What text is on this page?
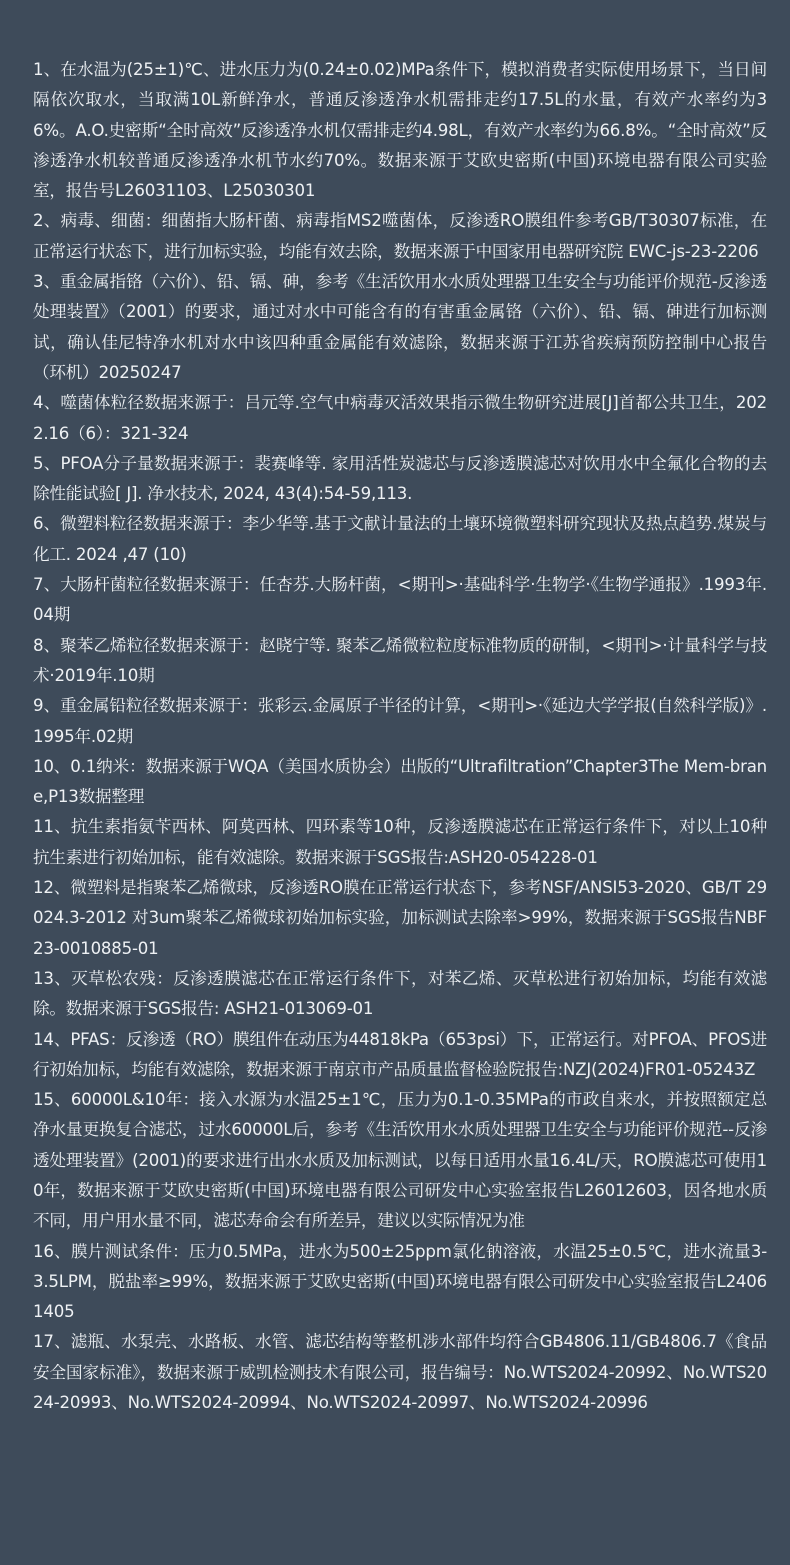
1、在水温为(25±1)℃、进水压力为(0.24±0.02)MPa条件下，模拟消费者实际使用场景下，当日间隔依次取水，当取满10L新鲜净水，普通反渗透净水机需排走约17.5L的水量，有效产水率约为36%。A.O.史密斯“全时高效”反渗透净水机仅需排走约4.98L，有效产水率约为66.8%。“全时高效”反渗透净水机较普通反渗透净水机节水约70%。数据来源于艾欧史密斯(中国)环境电器有限公司实验室，报告号L26031103、L25030301

2、病毒、细菌：细菌指大肠杆菌、病毒指MS2噬菌体，反渗透RO膜组件参考GB/T30307标准，在正常运行状态下，进行加标实验，均能有效去除，数据来源于中国家用电器研究院 EWC-js-23-2206

3、重金属指铬（六价）、铅、镉、砷，参考《生活饮用水水质处理器卫生安全与功能评价规范-反渗透处理装置》（2001）的要求，通过对水中可能含有的有害重金属铬（六价）、铅、镉、砷进行加标测试，确认佳尼特净水机对水中该四种重金属能有效滤除，数据来源于江苏省疾病预防控制中心报告（环机）20250247

4、噬菌体粒径数据来源于：吕元等.空气中病毒灭活效果指示微生物研究进展[J]首都公共卫生，2022.16（6）：321-324

5、PFOA分子量数据来源于：裴赛峰等. 家用活性炭滤芯与反渗透膜滤芯对饮用水中全氟化合物的去除性能试验[ J]. 净水技术, 2024, 43(4):54-59,113.

6、微塑料粒径数据来源于：李少华等.基于文献计量法的土壤环境微塑料研究现状及热点趋势.煤炭与化工. 2024 ,47 (10)

7、大肠杆菌粒径数据来源于：任杏芬.大肠杆菌，<期刊>·基础科学·生物学·《生物学通报》.1993年.04期

8、聚苯乙烯粒径数据来源于：赵晓宁等. 聚苯乙烯微粒粒度标准物质的研制，<期刊>·计量科学与技术·2019年.10期

9、重金属铅粒径数据来源于：张彩云.金属原子半径的计算，<期刊>·《延边大学学报(自然科学版)》.1995年.02期

10、0.1纳米：数据来源于WQA（美国水质协会）出版的“Ultrafiltration”Chapter3The Mem-brane,P13数据整理

11、抗生素指氨苄西林、阿莫西林、四环素等10种，反渗透膜滤芯在正常运行条件下，对以上10种抗生素进行初始加标，能有效滤除。数据来源于SGS报告:ASH20-054228-01

12、微塑料是指聚苯乙烯微球，反渗透RO膜在正常运行状态下，参考NSF/ANSI53-2020、GB/T 29024.3-2012 对3um聚苯乙烯微球初始加标实验，加标测试去除率>99%，数据来源于SGS报告NBF23-0010885-01

13、灭草松农残：反渗透膜滤芯在正常运行条件下，对苯乙烯、灭草松进行初始加标，均能有效滤除。数据来源于SGS报告: ASH21-013069-01

14、PFAS：反渗透（RO）膜组件在动压为44818kPa（653psi）下，正常运行。对PFOA、PFOS进行初始加标，均能有效滤除，数据来源于南京市产品质量监督检验院报告:NZJ(2024)FR01-05243Z

15、60000L&10年：接入水源为水温25±1℃，压力为0.1-0.35MPa的市政自来水，并按照额定总净水量更换复合滤芯，过水60000L后，参考《生活饮用水水质处理器卫生安全与功能评价规范--反渗透处理装置》(2001)的要求进行出水水质及加标测试，以每日适用水量16.4L/天，RO膜滤芯可使用10年，数据来源于艾欧史密斯(中国)环境电器有限公司研发中心实验室报告L26012603，因各地水质不同，用户用水量不同，滤芯寿命会有所差异，建议以实际情况为准

16、膜片测试条件：压力0.5MPa，进水为500±25ppm氯化钠溶液，水温25±0.5℃，进水流量3-3.5LPM，脱盐率≥99%，数据来源于艾欧史密斯(中国)环境电器有限公司研发中心实验室报告L24061405

17、滤瓶、水泵壳、水路板、水管、滤芯结构等整机涉水部件均符合GB4806.11/GB4806.7《食品安全国家标准》，数据来源于威凯检测技术有限公司，报告编号：No.WTS2024-20992、No.WTS2024-20993、No.WTS2024-20994、No.WTS2024-20997、No.WTS2024-20996
